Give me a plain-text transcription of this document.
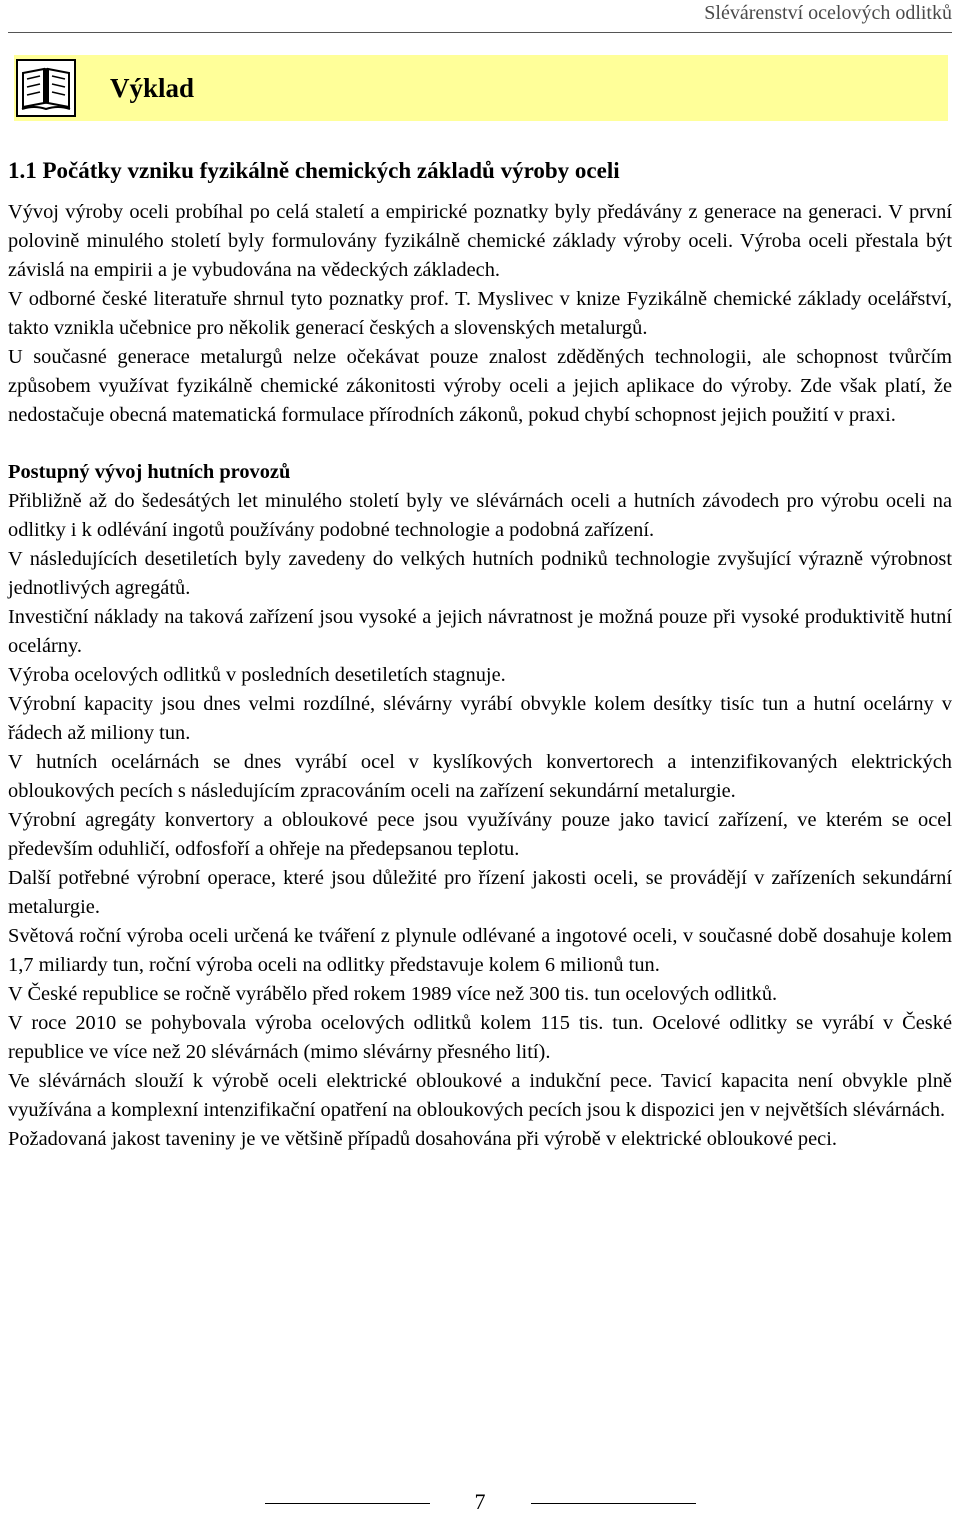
Slévárenství ocelových odlitků
Výklad
1.1 Počátky vzniku fyzikálně chemických základů výroby oceli

Vývoj výroby oceli probíhal po celá staletí a empirické poznatky byly předávány z generace na generaci. V první polovině minulého století byly formulovány fyzikálně chemické základy výroby oceli. Výroba oceli přestala být závislá na empirii a je vybudována na vědeckých základech.

V odborné české literatuře shrnul tyto poznatky prof. T. Myslivec v knize Fyzikálně chemické základy ocelářství, takto vznikla učebnice pro několik generací českých a slovenských metalurgů.

U současné generace metalurgů nelze očekávat pouze znalost zděděných technologii, ale schopnost tvůrčím způsobem využívat fyzikálně chemické zákonitosti výroby oceli a jejich aplikace do výroby. Zde však platí, že nedostačuje obecná matematická formulace přírodních zákonů, pokud chybí schopnost jejich použití v praxi.

Postupný vývoj hutních provozů

Přibližně až do šedesátých let minulého století byly ve slévárnách oceli a hutních závodech pro výrobu oceli na odlitky i k odlévání ingotů používány podobné technologie a podobná zařízení.

V následujících desetiletích byly zavedeny do velkých hutních podniků technologie zvyšující výrazně výrobnost jednotlivých agregátů.

Investiční náklady na taková zařízení jsou vysoké a jejich návratnost je možná pouze při vysoké produktivitě hutní ocelárny.

Výroba ocelových odlitků v posledních desetiletích stagnuje.

Výrobní kapacity jsou dnes velmi rozdílné, slévárny vyrábí obvykle kolem desítky tisíc tun a hutní ocelárny v řádech až miliony tun.

V hutních ocelárnách se dnes vyrábí ocel v kyslíkových konvertorech a intenzifikovaných elektrických obloukových pecích s následujícím zpracováním oceli na zařízení sekundární metalurgie.

Výrobní agregáty konvertory a obloukové pece jsou využívány pouze jako tavicí zařízení, ve kterém se ocel především oduhličí, odfosfoří a ohřeje na předepsanou teplotu.

Další potřebné výrobní operace, které jsou důležité pro řízení jakosti oceli, se provádějí v zařízeních sekundární metalurgie.

Světová roční výroba oceli určená ke tváření z plynule odlévané a ingotové oceli, v současné době dosahuje kolem 1,7 miliardy tun, roční výroba oceli na odlitky představuje kolem 6 milionů tun.

V České republice se ročně vyrábělo před rokem 1989 více než 300 tis. tun ocelových odlitků.

V roce 2010 se pohybovala výroba ocelových odlitků kolem 115 tis. tun. Ocelové odlitky se vyrábí v České republice ve více než 20 slévárnách (mimo slévárny přesného lití).

Ve slévárnách slouží k výrobě oceli elektrické obloukové a indukční pece. Tavicí kapacita není obvykle plně využívána a komplexní intenzifikační opatření na obloukových pecích jsou k dispozici jen v největších slévárnách.

Požadovaná jakost taveniny je ve většině případů dosahována při výrobě v elektrické obloukové peci.

7
